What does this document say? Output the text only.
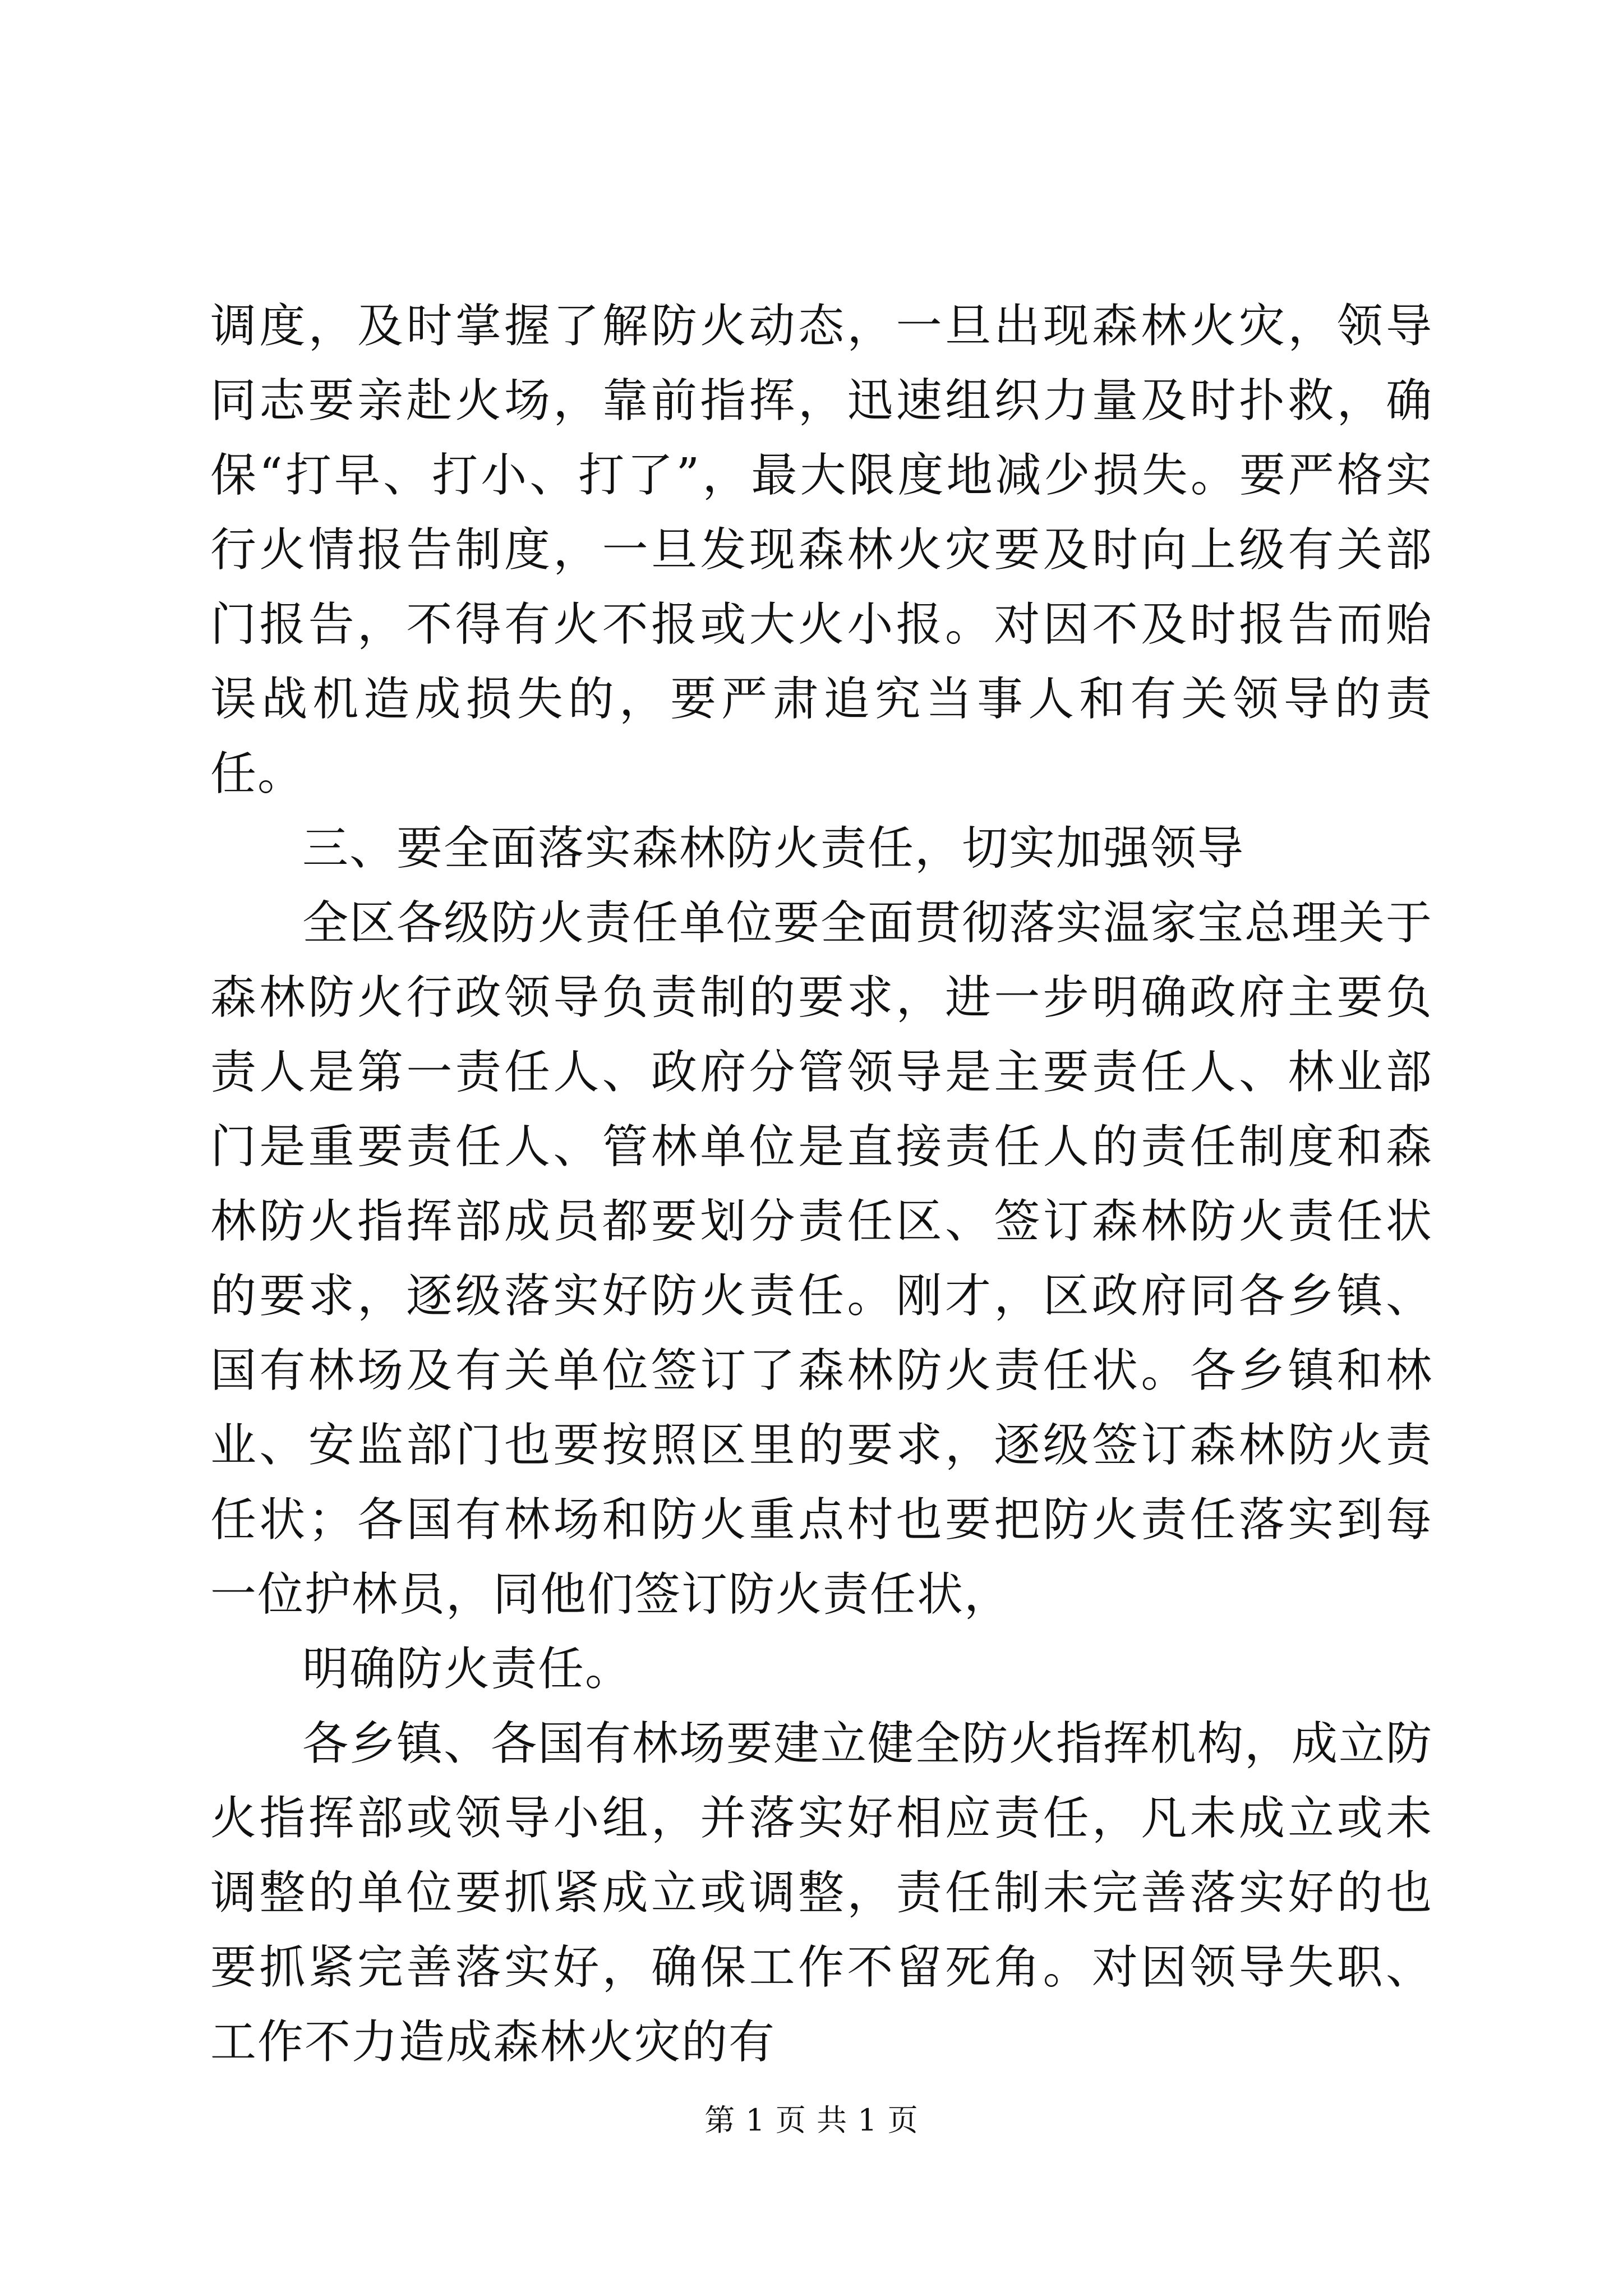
调度，及时掌握了解防火动态，一旦出现森林火灾，领导同志要亲赴火场，靠前指挥，迅速组织力量及时扑救，确保“打早、打小、打了”，最大限度地减少损失。要严格实行火情报告制度，一旦发现森林火灾要及时向上级有关部门报告，不得有火不报或大火小报。对因不及时报告而贻误战机造成损失的，要严肃追究当事人和有关领导的责任。

三、要全面落实森林防火责任，切实加强领导

全区各级防火责任单位要全面贯彻落实温家宝总理关于森林防火行政领导负责制的要求，进一步明确政府主要负责人是第一责任人、政府分管领导是主要责任人、林业部门是重要责任人、管林单位是直接责任人的责任制度和森林防火指挥部成员都要划分责任区、签订森林防火责任状的要求，逐级落实好防火责任。刚才，区政府同各乡镇、国有林场及有关单位签订了森林防火责任状。各乡镇和林业、安监部门也要按照区里的要求，逐级签订森林防火责任状；各国有林场和防火重点村也要把防火责任落实到每一位护林员，同他们签订防火责任状，

明确防火责任。

各乡镇、各国有林场要建立健全防火指挥机构，成立防火指挥部或领导小组，并落实好相应责任，凡未成立或未调整的单位要抓紧成立或调整，责任制未完善落实好的也要抓紧完善落实好，确保工作不留死角。对因领导失职、工作不力造成森林火灾的有

第 1 页 共 1 页
